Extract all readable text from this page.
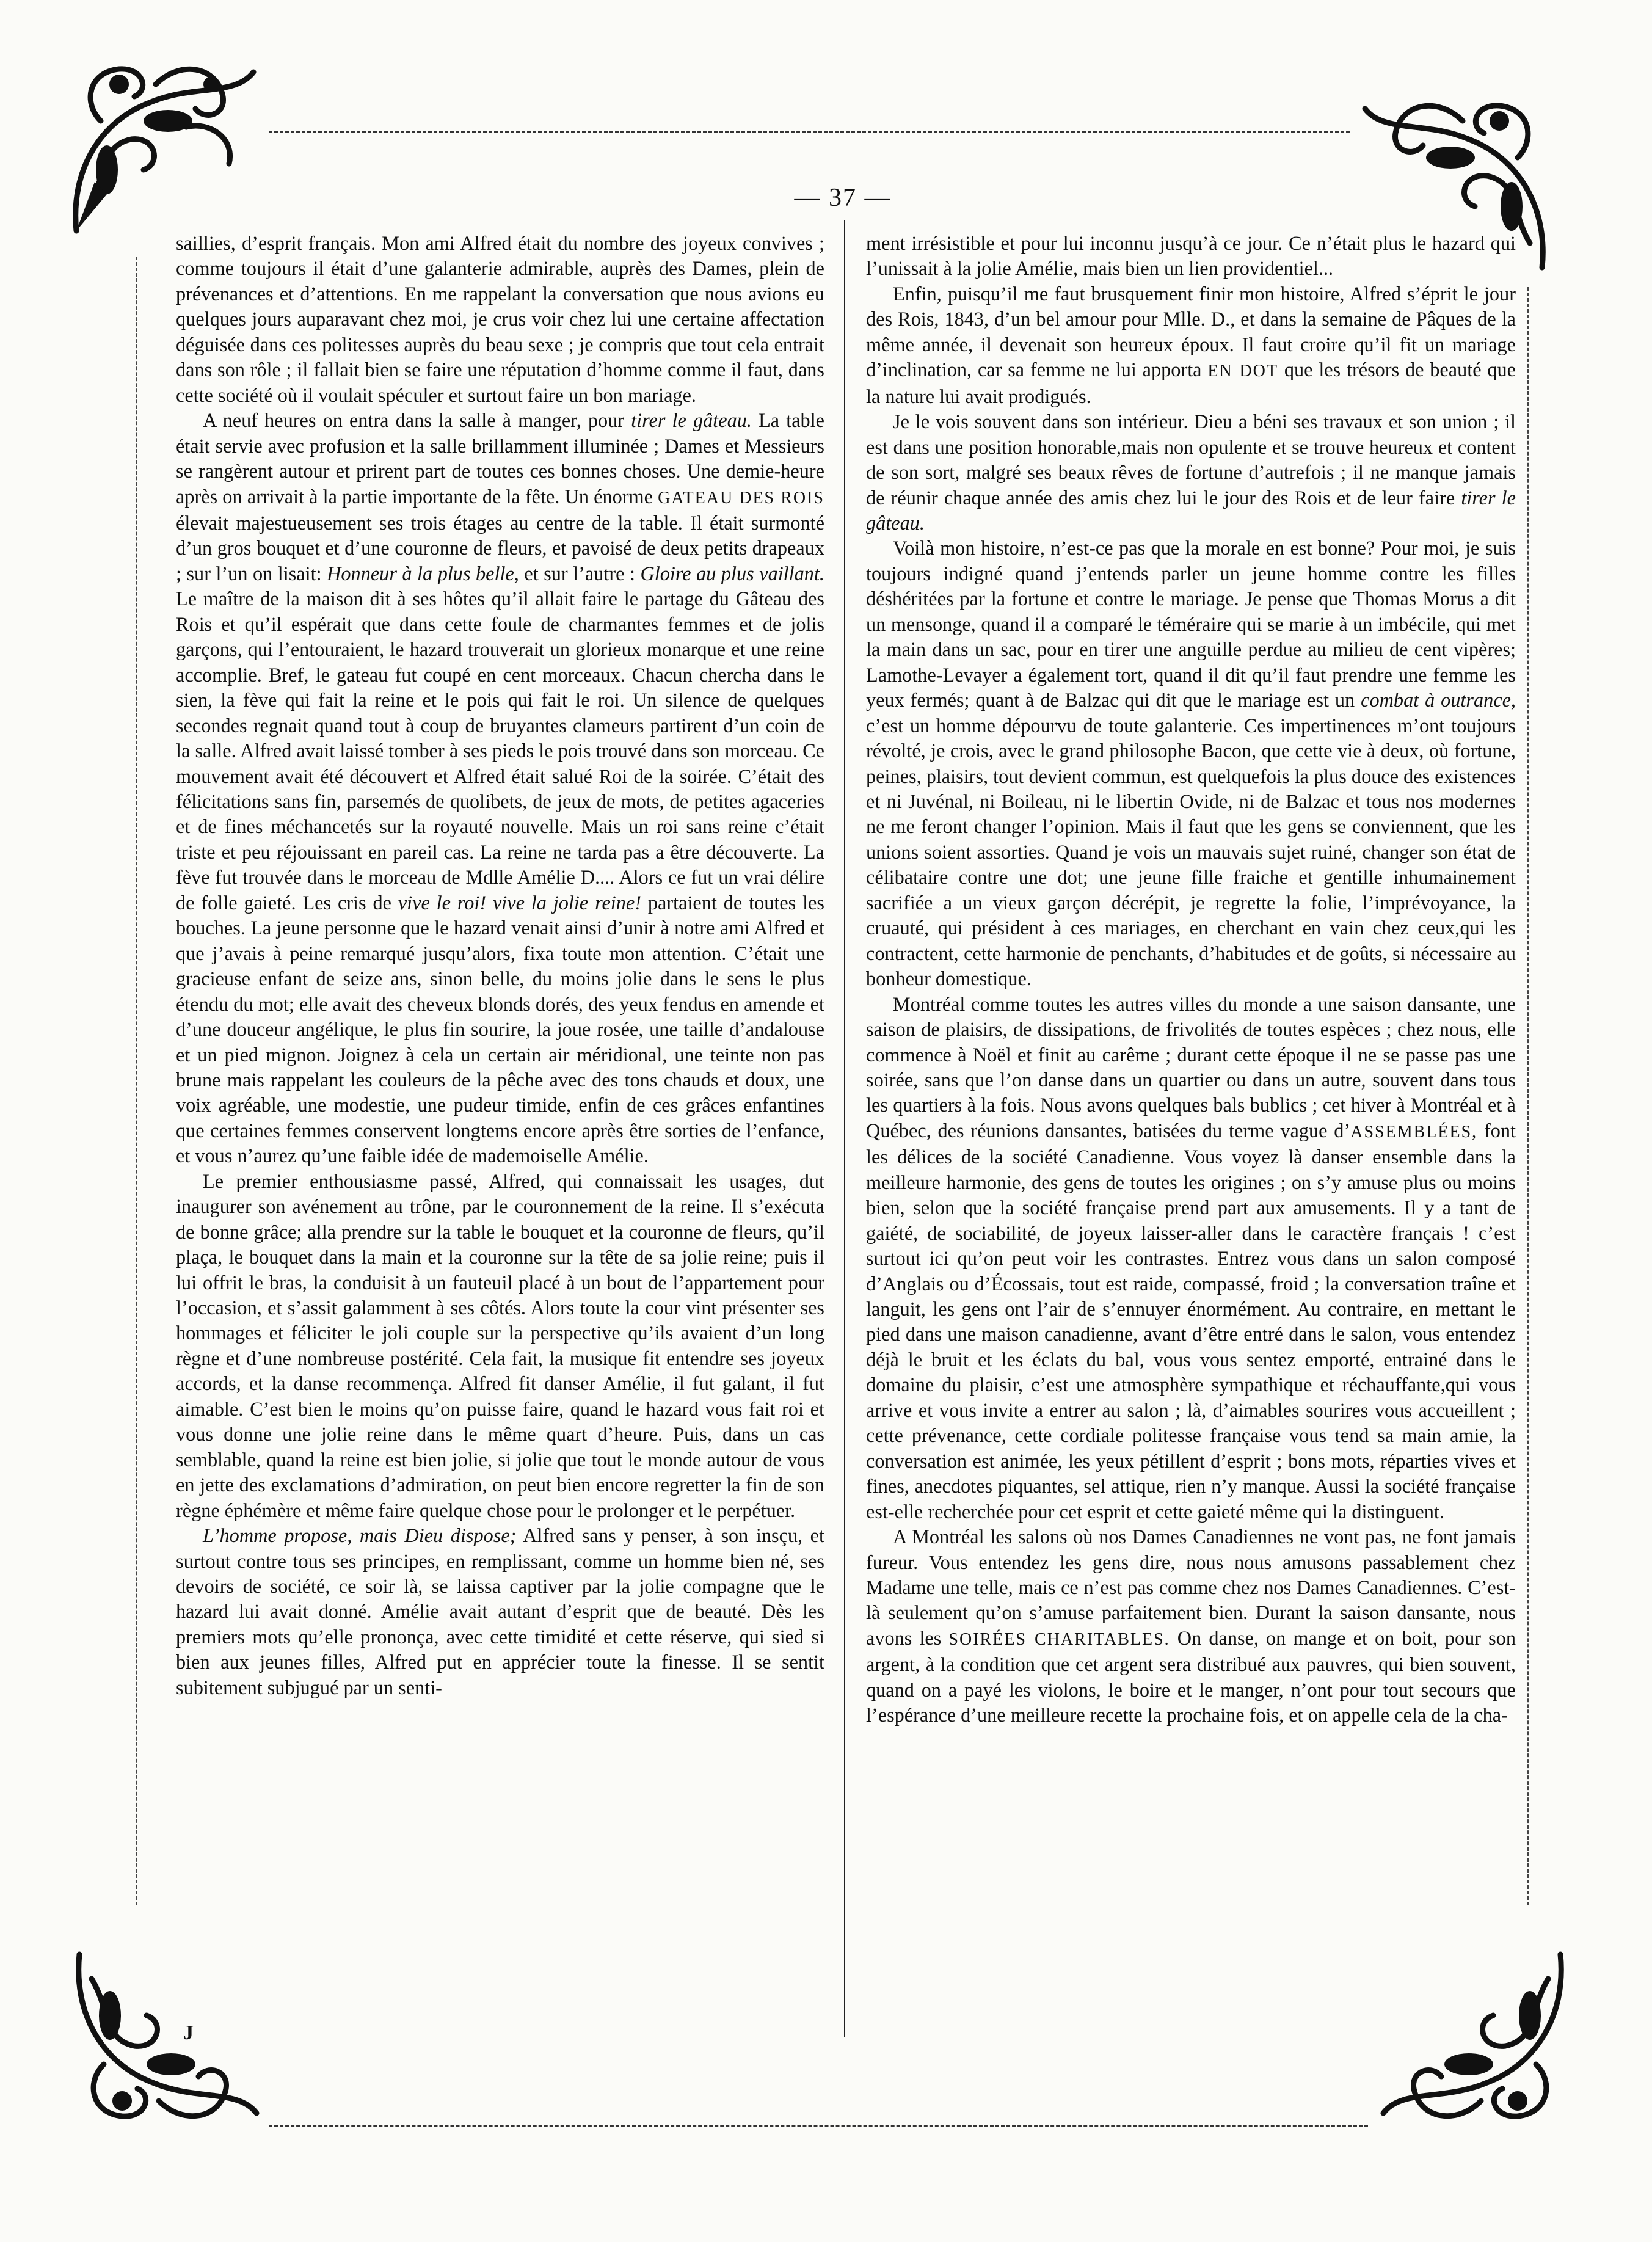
— 37 —

saillies, d’esprit français. Mon ami Alfred était du nombre des joyeux convives ; comme toujours il était d’une galanterie admirable, auprès des Dames, plein de prévenances et d’attentions. En me rappelant la conversation que nous avions eu quelques jours auparavant chez moi, je crus voir chez lui une certaine affectation déguisée dans ces politesses auprès du beau sexe ; je compris que tout cela entrait dans son rôle ; il fallait bien se faire une réputation d’homme comme il faut, dans cette société où il voulait spéculer et surtout faire un bon mariage.

A neuf heures on entra dans la salle à manger, pour tirer le gâteau. La table était servie avec profusion et la salle brillamment illuminée ; Dames et Messieurs se rangèrent autour et prirent part de toutes ces bonnes choses. Une demie-heure après on arrivait à la partie importante de la fête. Un énorme GATEAU DES ROIS élevait majestueusement ses trois étages au centre de la table. Il était surmonté d’un gros bouquet et d’une couronne de fleurs, et pavoisé de deux petits drapeaux ; sur l’un on lisait: Honneur à la plus belle, et sur l’autre : Gloire au plus vaillant. Le maître de la maison dit à ses hôtes qu’il allait faire le partage du Gâteau des Rois et qu’il espérait que dans cette foule de charmantes femmes et de jolis garçons, qui l’entouraient, le hazard trouverait un glorieux monarque et une reine accomplie. Bref, le gateau fut coupé en cent morceaux. Chacun chercha dans le sien, la fève qui fait la reine et le pois qui fait le roi. Un silence de quelques secondes regnait quand tout à coup de bruyantes clameurs partirent d’un coin de la salle. Alfred avait laissé tomber à ses pieds le pois trouvé dans son morceau. Ce mouvement avait été découvert et Alfred était salué Roi de la soirée. C’était des félicitations sans fin, parsemés de quolibets, de jeux de mots, de petites agaceries et de fines méchancetés sur la royauté nouvelle. Mais un roi sans reine c’était triste et peu réjouissant en pareil cas. La reine ne tarda pas a être découverte. La fève fut trouvée dans le morceau de Mdlle Amélie D.... Alors ce fut un vrai délire de folle gaieté. Les cris de vive le roi! vive la jolie reine! partaient de toutes les bouches. La jeune personne que le hazard venait ainsi d’unir à notre ami Alfred et que j’avais à peine remarqué jusqu’alors, fixa toute mon attention. C’était une gracieuse enfant de seize ans, sinon belle, du moins jolie dans le sens le plus étendu du mot; elle avait des cheveux blonds dorés, des yeux fendus en amende et d’une douceur angélique, le plus fin sourire, la joue rosée, une taille d’andalouse et un pied mignon. Joignez à cela un certain air méridional, une teinte non pas brune mais rappelant les couleurs de la pêche avec des tons chauds et doux, une voix agréable, une modestie, une pudeur timide, enfin de ces grâces enfantines que certaines femmes conservent longtems encore après être sorties de l’enfance, et vous n’aurez qu’une faible idée de mademoiselle Amélie.

Le premier enthousiasme passé, Alfred, qui connaissait les usages, dut inaugurer son avénement au trône, par le couronnement de la reine. Il s’exécuta de bonne grâce; alla prendre sur la table le bouquet et la couronne de fleurs, qu’il plaça, le bouquet dans la main et la couronne sur la tête de sa jolie reine; puis il lui offrit le bras, la conduisit à un fauteuil placé à un bout de l’appartement pour l’occasion, et s’assit galamment à ses côtés. Alors toute la cour vint présenter ses hommages et féliciter le joli couple sur la perspective qu’ils avaient d’un long règne et d’une nombreuse postérité. Cela fait, la musique fit entendre ses joyeux accords, et la danse recommença. Alfred fit danser Amélie, il fut galant, il fut aimable. C’est bien le moins qu’on puisse faire, quand le hazard vous fait roi et vous donne une jolie reine dans le même quart d’heure. Puis, dans un cas semblable, quand la reine est bien jolie, si jolie que tout le monde autour de vous en jette des exclamations d’admiration, on peut bien encore regretter la fin de son règne éphémère et même faire quelque chose pour le prolonger et le perpétuer.

L’homme propose, mais Dieu dispose; Alfred sans y penser, à son insçu, et surtout contre tous ses principes, en remplissant, comme un homme bien né, ses devoirs de société, ce soir là, se laissa captiver par la jolie compagne que le hazard lui avait donné. Amélie avait autant d’esprit que de beauté. Dès les premiers mots qu’elle prononça, avec cette timidité et cette réserve, qui sied si bien aux jeunes filles, Alfred put en apprécier toute la finesse. Il se sentit subitement subjugué par un senti-

ment irrésistible et pour lui inconnu jusqu’à ce jour. Ce n’était plus le hazard qui l’unissait à la jolie Amélie, mais bien un lien providentiel...

Enfin, puisqu’il me faut brusquement finir mon histoire, Alfred s’éprit le jour des Rois, 1843, d’un bel amour pour Mlle. D., et dans la semaine de Pâques de la même année, il devenait son heureux époux. Il faut croire qu’il fit un mariage d’inclination, car sa femme ne lui apporta EN DOT que les trésors de beauté que la nature lui avait prodigués.

Je le vois souvent dans son intérieur. Dieu a béni ses travaux et son union ; il est dans une position honorable,mais non opulente et se trouve heureux et content de son sort, malgré ses beaux rêves de fortune d’autrefois ; il ne manque jamais de réunir chaque année des amis chez lui le jour des Rois et de leur faire tirer le gâteau.

Voilà mon histoire, n’est-ce pas que la morale en est bonne? Pour moi, je suis toujours indigné quand j’entends parler un jeune homme contre les filles déshéritées par la fortune et contre le mariage. Je pense que Thomas Morus a dit un mensonge, quand il a comparé le téméraire qui se marie à un imbécile, qui met la main dans un sac, pour en tirer une anguille perdue au milieu de cent vipères; Lamothe-Levayer a également tort, quand il dit qu’il faut prendre une femme les yeux fermés; quant à de Balzac qui dit que le mariage est un combat à outrance, c’est un homme dépourvu de toute galanterie. Ces impertinences m’ont toujours révolté, je crois, avec le grand philosophe Bacon, que cette vie à deux, où fortune, peines, plaisirs, tout devient commun, est quelquefois la plus douce des existences et ni Juvénal, ni Boileau, ni le libertin Ovide, ni de Balzac et tous nos modernes ne me feront changer l’opinion. Mais il faut que les gens se conviennent, que les unions soient assorties. Quand je vois un mauvais sujet ruiné, changer son état de célibataire contre une dot; une jeune fille fraiche et gentille inhumainement sacrifiée a un vieux garçon décrépit, je regrette la folie, l’imprévoyance, la cruauté, qui président à ces mariages, en cherchant en vain chez ceux,qui les contractent, cette harmonie de penchants, d’habitudes et de goûts, si nécessaire au bonheur domestique.

Montréal comme toutes les autres villes du monde a une saison dansante, une saison de plaisirs, de dissipations, de frivolités de toutes espèces ; chez nous, elle commence à Noël et finit au carême ; durant cette époque il ne se passe pas une soirée, sans que l’on danse dans un quartier ou dans un autre, souvent dans tous les quartiers à la fois. Nous avons quelques bals bublics ; cet hiver à Montréal et à Québec, des réunions dansantes, batisées du terme vague d’ASSEMBLÉES, font les délices de la société Canadienne. Vous voyez là danser ensemble dans la meilleure harmonie, des gens de toutes les origines ; on s’y amuse plus ou moins bien, selon que la société française prend part aux amusements. Il y a tant de gaiété, de sociabilité, de joyeux laisser-aller dans le caractère français ! c’est surtout ici qu’on peut voir les contrastes. Entrez vous dans un salon composé d’Anglais ou d’Écossais, tout est raide, compassé, froid ; la conversation traîne et languit, les gens ont l’air de s’ennuyer énormément. Au contraire, en mettant le pied dans une maison canadienne, avant d’être entré dans le salon, vous entendez déjà le bruit et les éclats du bal, vous vous sentez emporté, entrainé dans le domaine du plaisir, c’est une atmosphère sympathique et réchauffante,qui vous arrive et vous invite a entrer au salon ; là, d’aimables sourires vous accueillent ; cette prévenance, cette cordiale politesse française vous tend sa main amie, la conversation est animée, les yeux pétillent d’esprit ; bons mots, réparties vives et fines, anecdotes piquantes, sel attique, rien n’y manque. Aussi la société française est-elle recherchée pour cet esprit et cette gaieté même qui la distinguent.

A Montréal les salons où nos Dames Canadiennes ne vont pas, ne font jamais fureur. Vous entendez les gens dire, nous nous amusons passablement chez Madame une telle, mais ce n’est pas comme chez nos Dames Canadiennes. C’est-là seulement qu’on s’amuse parfaitement bien. Durant la saison dansante, nous avons les SOIRÉES CHARITABLES. On danse, on mange et on boit, pour son argent, à la condition que cet argent sera distribué aux pauvres, qui bien souvent, quand on a payé les violons, le boire et le manger, n’ont pour tout secours que l’espérance d’une meilleure recette la prochaine fois, et on appelle cela de la cha-

J
